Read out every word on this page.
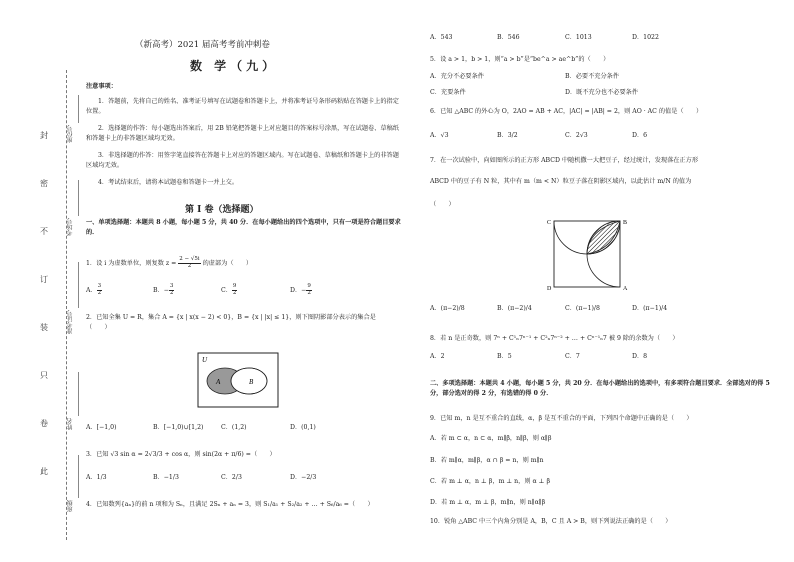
封
密
不
订
装
只
卷
此
座位号
考场号
准考证号
姓名
班级
（新高考）2021 届高考考前冲刺卷
数 学（九）
注意事项：
1．答题前，先将自己的姓名、准考证号填写在试题卷和答题卡上，并将准考证号条形码粘贴在答题卡上的指定位置。
2．选择题的作答：每小题选出答案后，用 2B 铅笔把答题卡上对应题目的答案标号涂黑，写在试题卷、草稿纸和答题卡上的非答题区域均无效。
3．非选择题的作答：用签字笔直接答在答题卡上对应的答题区域内。写在试题卷、草稿纸和答题卡上的非答题区域均无效。
4．考试结束后，请将本试题卷和答题卡一并上交。
第 Ⅰ 卷（选择题）
一、单项选择题：本题共 8 小题，每小题 5 分，共 40 分．在每小题给出的四个选项中，只有一项是符合题目要求的．
1．设 i 为虚数单位，则复数 $z = \frac{2 - √5i}{2}$ 的虚部为（　　）
A． $\frac{3}{2}$	B．− $\frac{3}{2}$	C． $\frac{9}{2}$	D．− $\frac{9}{2}$
2．已知全集 U = R，集合 A = {x | x(x − 2) < 0}，B = {x | |x| ≤ 1}，则下图阴影部分表示的集合是（　　）
U
A	B
A．[−1,0)	B．[−1,0)∪[1,2)	C．(1,2)	D．(0,1)
3．已知 √3 sin α = 2√3/3 + cos α，则 sin(2α + π/6) =（　　）
A．1/3	B．−1/3	C．2/3	D．−2/3
4．已知数列{aₙ}的前 n 项和为 Sₙ，且满足 2Sₙ + aₙ = 3，则 S₁/a₁ + S₂/a₂ + … + S₆/a₆ =（　　）
A．543	B．546	C．1013	D．1022
5．设 a > 1，b > 1，则“a > b”是“be^a > ae^b”的（　　）
A．充分不必要条件	B．必要不充分条件
C．充要条件	D．既不充分也不必要条件
6．已知 △ABC 的外心为 O，2AO = AB + AC，|AC| = |AB| = 2，则 AO · AC 的值是（　　）
A．√3	B．3/2	C．2√3	D．6
7．在一次试验中，向如图所示的正方形 ABCD 中随机撒一大把豆子，经过统计，发现落在正方形
ABCD 中的豆子有 N 粒，其中有 m（m < N）粒豆子落在阴影区域内，以此估计 m/N 的值为
（　　）
C	B
D	A
A．(π−2)/8	B．(π−2)/4	C．(π−1)/8	D．(π−1)/4
8．若 n 是正奇数，则 7ⁿ + C¹ₙ7ⁿ⁻¹ + C²ₙ7ⁿ⁻² + … + Cⁿ⁻¹ₙ7 被 9 除的余数为（　　）
A．2	B．5	C．7	D．8
二、多项选择题：本题共 4 小题，每小题 5 分，共 20 分．在每小题给出的选项中，有多项符合题目要求．全部选对的得 5 分，部分选对的得 2 分，有选错的得 0 分．
9．已知 m，n 是互不重合的直线，α，β 是互不重合的平面，下列四个命题中正确的是（　　）
A．若 m ⊂ α，n ⊂ α，m∥β，n∥β，则 α∥β
B．若 m∥α，m∥β，α ∩ β = n，则 m∥n
C．若 m ⊥ α，n ⊥ β，m ⊥ n，则 α ⊥ β
D．若 m ⊥ α，m ⊥ β，m∥n，则 n∥α∥β
10．锐角 △ABC 中三个内角分别是 A，B，C 且 A > B，则下列说法正确的是（　　）
